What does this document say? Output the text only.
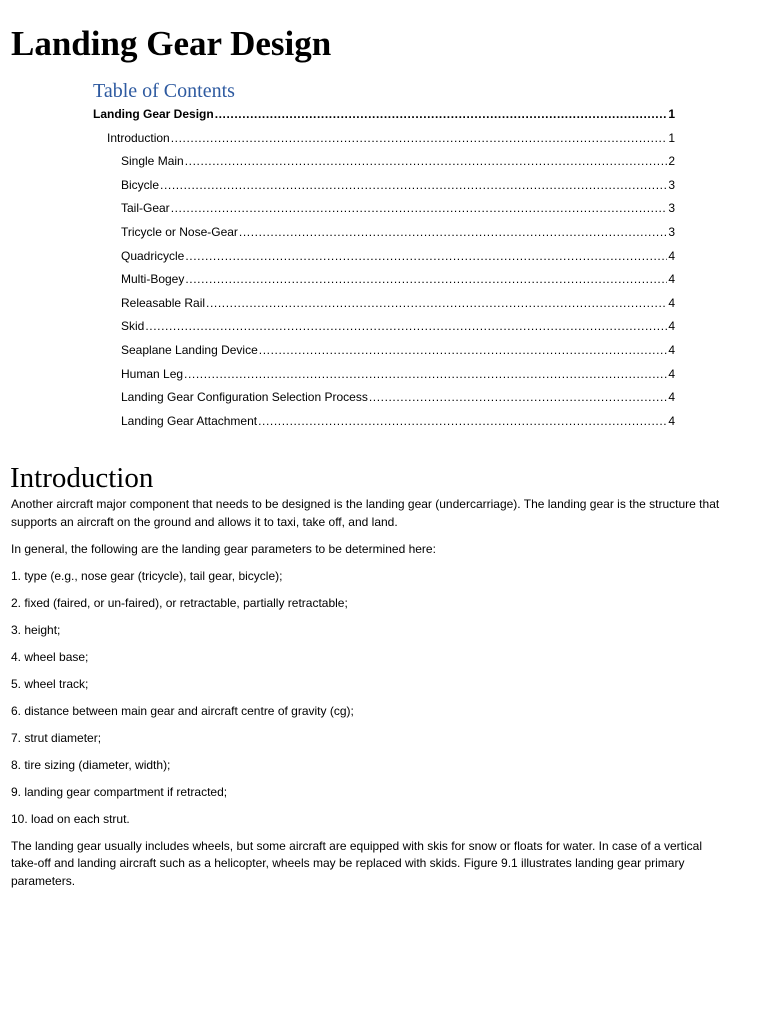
Landing Gear Design
Table of Contents
Landing Gear Design .....	1
Introduction .....	1
Single Main .....	2
Bicycle .....	3
Tail-Gear .....	3
Tricycle or Nose-Gear .....	3
Quadricycle .....	4
Multi-Bogey .....	4
Releasable Rail .....	4
Skid .....	4
Seaplane Landing Device .....	4
Human Leg .....	4
Landing Gear Configuration Selection Process .....	4
Landing Gear Attachment .....	4
Introduction

Another aircraft major component that needs to be designed is the landing gear (undercarriage). The landing gear is the structure that supports an aircraft on the ground and allows it to taxi, take off, and land.

In general, the following are the landing gear parameters to be determined here:

1. type (e.g., nose gear (tricycle), tail gear, bicycle);

2. fixed (faired, or un-faired), or retractable, partially retractable;

3. height;

4. wheel base;

5. wheel track;

6. distance between main gear and aircraft centre of gravity (cg);

7. strut diameter;

8. tire sizing (diameter, width);

9. landing gear compartment if retracted;

10. load on each strut.

The landing gear usually includes wheels, but some aircraft are equipped with skis for snow or floats for water. In case of a vertical take-off and landing aircraft such as a helicopter, wheels may be replaced with skids. Figure 9.1 illustrates landing gear primary parameters.
